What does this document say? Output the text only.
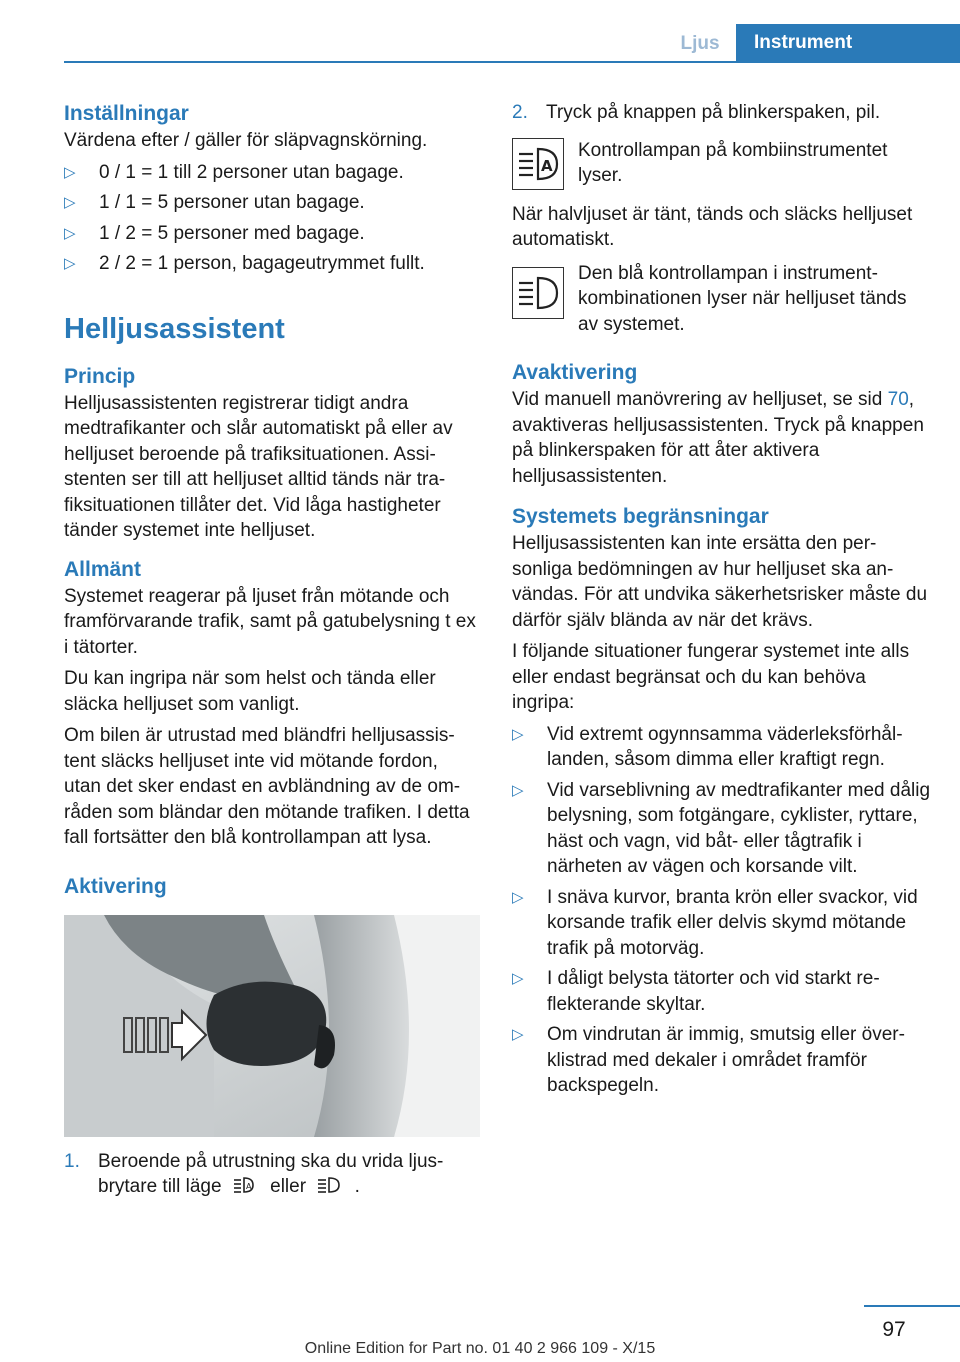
Ljus	Instrument
Inställningar

Värdena efter / gäller för släpvagnskörning.

▷ 0 / 1 = 1 till 2 personer utan bagage.
▷ 1 / 1 = 5 personer utan bagage.
▷ 1 / 2 = 5 personer med bagage.
▷ 2 / 2 = 1 person, bagageutrymmet fullt.
Helljusassistent
Princip

Helljusassistenten registrerar tidigt andra medtrafikanter och slår automatiskt på eller av helljuset beroende på trafiksituationen. Assistenten ser till att helljuset alltid tänds när trafiksituationen tillåter det. Vid låga hastigheter tänder systemet inte helljuset.

Allmänt

Systemet reagerar på ljuset från mötande och framförvarande trafik, samt på gatubelysning t ex i tätorter.

Du kan ingripa när som helst och tända eller släcka helljuset som vanligt.

Om bilen är utrustad med bländfri helljusassistent släcks helljuset inte vid mötande fordon, utan det sker endast en avbländning av de områden som bländar den mötande trafiken. I detta fall fortsätter den blå kontrollampan att lysa.

Aktivering
1. Beroende på utrustning ska du vrida ljusbrytare till läge	A eller	.
2. Tryck på knappen på blinkerspaken, pil.
A

Kontrollampan på kombiinstrumentet lyser.

När halvljuset är tänt, tänds och släcks helljuset automatiskt.

Den blå kontrollampan i instrumentkombinationen lyser när helljuset tänds av systemet.

Avaktivering

Vid manuell manövrering av helljuset, se sid 70, avaktiveras helljusassistenten. Tryck på knappen på blinkerspaken för att åter aktivera helljusassistenten.

Systemets begränsningar

Helljusassistenten kan inte ersätta den personliga bedömningen av hur helljuset ska användas. För att undvika säkerhetsrisker måste du därför själv blända av när det krävs.

I följande situationer fungerar systemet inte alls eller endast begränsat och du kan behöva ingripa:

▷ Vid extremt ogynnsamma väderleksförhållanden, såsom dimma eller kraftigt regn.
▷ Vid varseblivning av medtrafikanter med dålig belysning, som fotgängare, cyklister, ryttare, häst och vagn, vid båt- eller tågtrafik i närheten av vägen och korsande vilt.
▷ I snäva kurvor, branta krön eller svackor, vid korsande trafik eller delvis skymd mötande trafik på motorväg.
▷ I dåligt belysta tätorter och vid starkt reflekterande skyltar.
▷ Om vindrutan är immig, smutsig eller överklistrad med dekaler i området framför backspegeln.
97
Online Edition for Part no. 01 40 2 966 109 - X/15
